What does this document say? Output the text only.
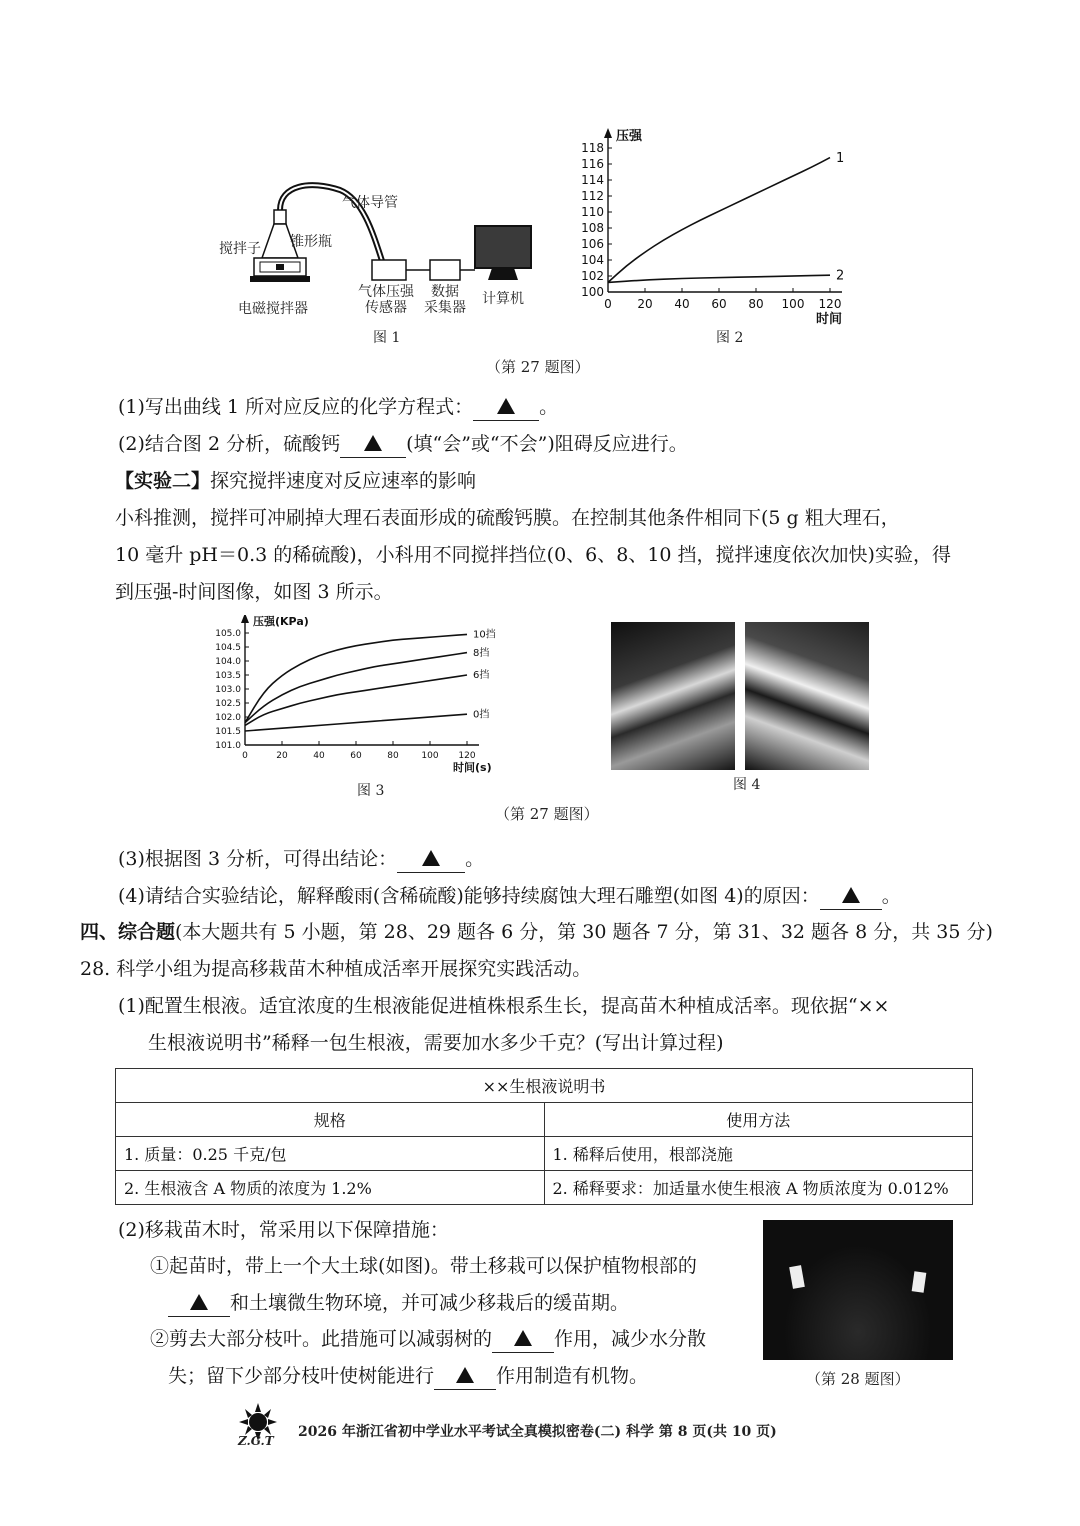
搅拌子 锥形瓶
气体导管
电磁搅拌器
气体压强
传感器
数据
采集器
计算机
图 1
0 20 40 60 80 100 120
100
102
104
106
108
110
112
114
116
118
压强
时间
1
2
图 2
（第 27 题图）
(1)写出曲线 1 所对应反应的化学方程式：	。
(2)结合图 2 分析，硫酸钙	(填“会”或“不会”)阻碍反应进行。
【实验二】探究搅拌速度对反应速率的影响
小科推测，搅拌可冲刷掉大理石表面形成的硫酸钙膜。在控制其他条件相同下(5 g 粗大理石，
10 毫升 pH＝0.3 的稀硫酸)，小科用不同搅拌挡位(0、6、8、10 挡，搅拌速度依次加快)实验，得
到压强-时间图像，如图 3 所示。
0	20	40	60	80	100 120
101.0
101.5
102.0
102.5
103.0
103.5
104.0
104.5
105.0
压强(KPa)
时间(s)
10挡
8挡
6挡
0挡
图 3	图 4
（第 27 题图）
(3)根据图 3 分析，可得出结论：	。
(4)请结合实验结论，解释酸雨(含稀硫酸)能够持续腐蚀大理石雕塑(如图 4)的原因：	。
四、综合题(本大题共有 5 小题，第 28、29 题各 6 分，第 30 题各 7 分，第 31、32 题各 8 分，共 35 分)
28. 科学小组为提高移栽苗木种植成活率开展探究实践活动。
(1)配置生根液。适宜浓度的生根液能促进植株根系生长，提高苗木种植成活率。现依据“××
生根液说明书”稀释一包生根液，需要加水多少千克？(写出计算过程)
××生根液说明书	
规格	使用方法
1. 质量：0.25 千克/包	1. 稀释后使用，根部浇施
2. 生根液含 A 物质的浓度为 1.2%	2. 稀释要求：加适量水使生根液 A 物质浓度为 0.012%
(2)移栽苗木时，常采用以下保障措施：
①起苗时，带上一个大土球(如图)。带土移栽可以保护植物根部的
和土壤微生物环境，并可减少移栽后的缓苗期。
②剪去大部分枝叶。此措施可以减弱树的	作用，减少水分散
失；留下少部分枝叶使树能进行	作用制造有机物。	（第 28 题图）
Z.G.T
2026 年浙江省初中学业水平考试全真模拟密卷(二) 科学 第 8 页(共 10 页)
